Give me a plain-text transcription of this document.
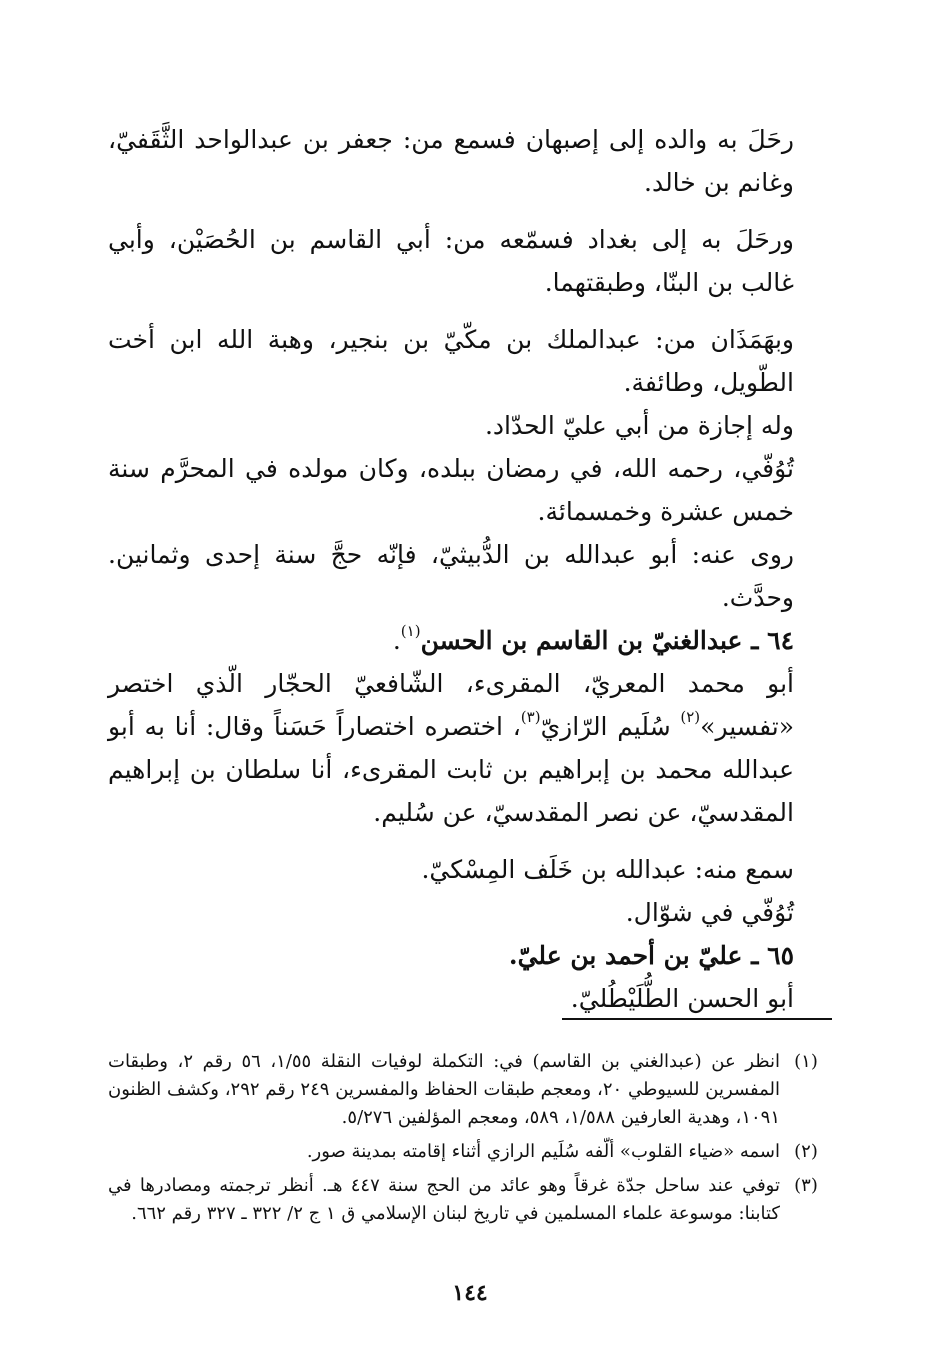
رحَلَ به والده إلى إصبهان فسمع من: جعفر بن عبدالواحد الثَّقَفيّ، وغانم بن خالد.

ورحَلَ به إلى بغداد فسمّعه من: أبي القاسم بن الحُصَيْن، وأبي غالب بن البنّا، وطبقتهما.

وبهَمَذَان من: عبدالملك بن مكّيّ بن بنجير، وهبة الله ابن أخت الطّويل، وطائفة.

وله إجازة من أبي عليّ الحدّاد.

تُوُفّي، رحمه الله، في رمضان ببلده، وكان مولده في المحرَّم سنة خمس عشرة وخمسمائة.

روى عنه: أبو عبدالله بن الدُّبيثيّ، فإنّه حجَّ سنة إحدى وثمانين. وحدَّث.

٦٤ ـ عبدالغنيّ بن القاسم بن الحسن$^{(١)}$.

أبو محمد المعريّ، المقرىء، الشّافعيّ الحجّار الّذي اختصر «تفسير»$^{(٢)}$ سُلَيم الرّازيّ$^{(٣)}$، اختصره اختصاراً حَسَناً وقال: أنا به أبو عبدالله محمد بن إبراهيم بن ثابت المقرىء، أنا سلطان بن إبراهيم المقدسيّ، عن نصر المقدسيّ، عن سُليم.

سمع منه: عبدالله بن خَلَف المِسْكيّ.

تُوُفّي في شوّال.

٦٥ ـ عليّ بن أحمد بن عليّ.

أبو الحسن الطُّلَيْطُليّ.

(١)
انظر عن (عبدالغني بن القاسم) في: التكملة لوفيات النقلة ١/٥٥، ٥٦ رقم ٢، وطبقات المفسرين للسيوطي ٢٠، ومعجم طبقات الحفاظ والمفسرين ٢٤٩ رقم ٢٩٢، وكشف الظنون ١٠٩١، وهدية العارفين ١/٥٨٨، ٥٨٩، ومعجم المؤلفين ٥/٢٧٦.
(٢)
اسمه «ضياء القلوب» ألّفه سُلَيم الرازي أثناء إقامته بمدينة صور.
(٣)
توفي عند ساحل جدّة غرقاً وهو عائد من الحج سنة ٤٤٧ هـ. أنظر ترجمته ومصادرها في كتابنا: موسوعة علماء المسلمين في تاريخ لبنان الإسلامي ق ١ ج ٢/ ٣٢٢ ـ ٣٢٧ رقم ٦٦٢.
١٤٤
